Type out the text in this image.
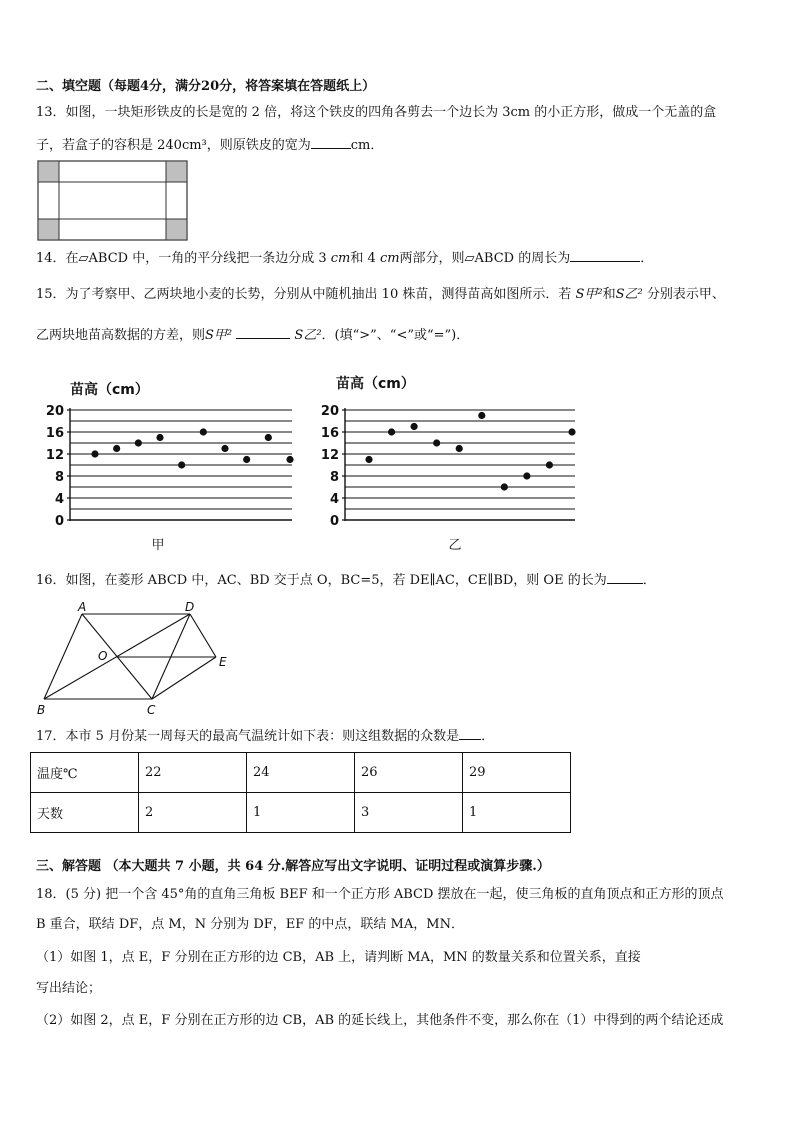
二、填空题（每题4分，满分20分，将答案填在答题纸上）
13．如图，一块矩形铁皮的长是宽的 2 倍，将这个铁皮的四角各剪去一个边长为 3cm 的小正方形，做成一个无盖的盒
子，若盒子的容积是 240cm³，则原铁皮的宽为	cm．
14．在▱ABCD 中，一角的平分线把一条边分成 3 cm和 4 cm两部分，则▱ABCD 的周长为	．
15．为了考察甲、乙两块地小麦的长势，分别从中随机抽出 10 株苗，测得苗高如图所示．若 S甲²和S乙² 分别表示甲、
乙两块地苗高数据的方差，则S甲²	S乙²．(填“>”、“<”或“=”)．
苗高（cm）
0
4
8
12
16
20
甲
苗高（cm）
0
4
8
12
16
20
乙
16．如图，在菱形 ABCD 中，AC、BD 交于点 O，BC=5，若 DE∥AC，CE∥BD，则 OE 的长为	．
A	D
O	E
B	C
17．本市 5 月份某一周每天的最高气温统计如下表：则这组数据的众数是 ．
温度℃	22	24	26	29
天数	2	1	3	1
三、解答题 （本大题共 7 小题，共 64 分.解答应写出文字说明、证明过程或演算步骤.）
18．(5 分) 把一个含 45°角的直角三角板 BEF 和一个正方形 ABCD 摆放在一起，使三角板的直角顶点和正方形的顶点
B 重合，联结 DF，点 M，N 分别为 DF，EF 的中点，联结 MA，MN．
（1）如图 1，点 E，F 分别在正方形的边 CB，AB 上，请判断 MA，MN 的数量关系和位置关系，直接
写出结论；
（2）如图 2，点 E，F 分别在正方形的边 CB，AB 的延长线上，其他条件不变，那么你在（1）中得到的两个结论还成
